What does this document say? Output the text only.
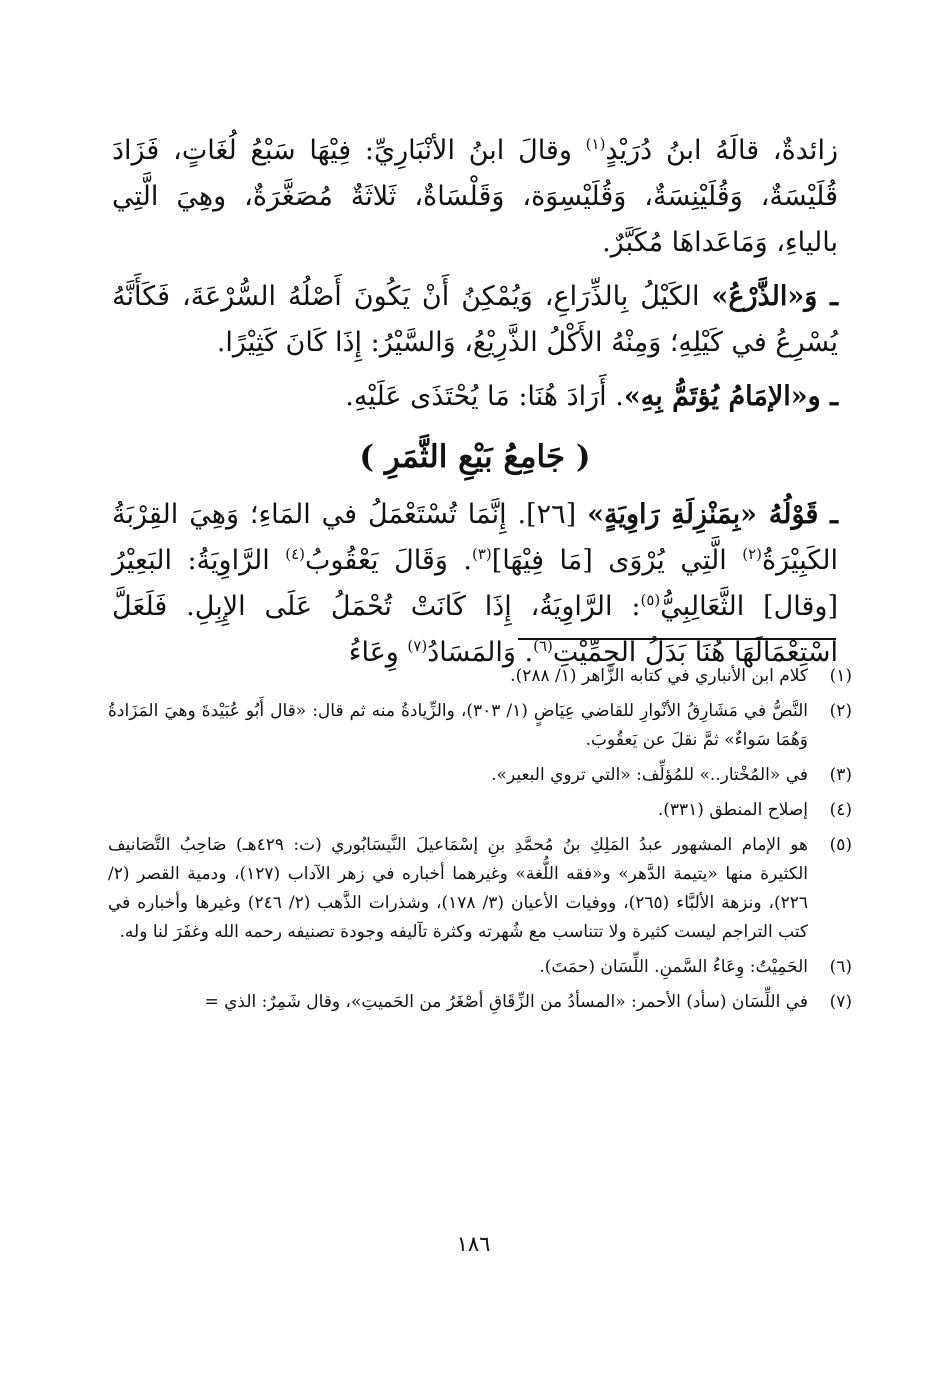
زائدةٌ، قالَهُ ابنُ دُرَيْدٍ$^{(١)}$ وقالَ ابنُ الأنْبَارِيِّ: فِيْهَا سَبْعُ لُغَاتٍ، فَزَادَ قُلَيْسَةٌ، وَقُلَيْنِسَةٌ، وَقُلَيْسِوَة، وَقَلْسَاةٌ، ثَلاثَةٌ مُصَغَّرَةٌ، وهِيَ الَّتِي بالياءِ، وَمَاعَداهَا مُكَبَّرٌ.

ـ وَ«الذَّرْعُ» الكَيْلُ بِالذِّرَاعِ، وَيُمْكِنُ أَنْ يَكُونَ أَصْلُهُ السُّرْعَةَ، فَكَأَنَّهُ يُسْرِعُ في كَيْلِهِ؛ وَمِنْهُ الأَكْلُ الذَّرِيْعُ، وَالسَّيْرُ: إِذَا كَانَ كَثِيْرًا.

ـ و«الإمَامُ يُؤتَمُّ بِهِ». أَرَادَ هُنَا: مَا يُحْتَذَى عَلَيْهِ.

( جَامِعُ بَيْعِ الثَّمَرِ )

ـ قَوْلُهُ «بِمَنْزِلَةِ رَاوِيَةٍ» [٢٦]. إِنَّمَا تُسْتَعْمَلُ في المَاءِ؛ وَهِيَ القِرْبَةُ الكَبِيْرَةُ$^{(٢)}$ الَّتِي يُرْوَى [مَا فِيْهَا]$^{(٣)}$. وَقَالَ يَعْقُوبُ$^{(٤)}$ الرَّاوِيَةُ: البَعِيْرُ [وقال] الثَّعَالِبِيُّ$^{(٥)}$: الرَّاوِيَةُ، إِذَا كَانَتْ تُحْمَلُ عَلَى الإِبِلِ. فَلَعَلَّ اسْتِعْمَالَهَا هُنَا بَدَلُ الحِمِّيْتِ$^{(٦)}$. وَالمَسَادُ$^{(٧)}$ وِعَاءُ

(١)
كلام ابن الأنباري في كتابه الزَّاهر (١/ ٢٨٨).
(٢)
النَّصُّ في مَشَارِقُ الأنْوارِ للقاضي عِيَاضٍ (١/ ٣٠٣)، والزِّيادةُ منه ثم قال: «قال أَبُو عُبَيْدةَ وهيَ المَزَادةُ وَهُمَا سَواءٌ» ثمَّ نقلَ عن يَعقُوبَ.
(٣)
في «المُخْتار..» للمُؤلِّف: «التي تروي البعير».
(٤)
إصلاح المنطق (٣٣١).
(٥)
هو الإمام المشهور عبدُ المَلِكِ بنُ مُحمَّدِ بنِ إسْمَاعيلَ النَّيسَابُوري (ت: ٤٢٩هـ) صَاحِبُ التَّصَانيف الكثيرة منها «يتيمة الدَّهر» و«فقه اللُّغة» وغيرهما أخباره في زهر الآداب (١٢٧)، ودمية القصر (٢/ ٢٢٦)، ونزهة الألبَّاء (٢٦٥)، ووفيات الأعيان (٣/ ١٧٨)، وشذرات الذَّهب (٢/ ٢٤٦) وغيرها وأخباره في كتب التراجم ليست كثيرة ولا تتناسب مع شُهرته وكثرة تآليفه وجودة تصنيفه رحمه الله وغفَرَ لنا وله.
(٦)
الحَمِيْتُ: وِعَاءُ السَّمنِ. اللِّسَان (حمَتَ).
(٧)
في اللِّسَان (سأد) الأحمر: «المسأدُ من الزِّقَاقِ أصْغَرُ من الحَميتِ»، وقال شَمِرٌ: الذي =
١٨٦
